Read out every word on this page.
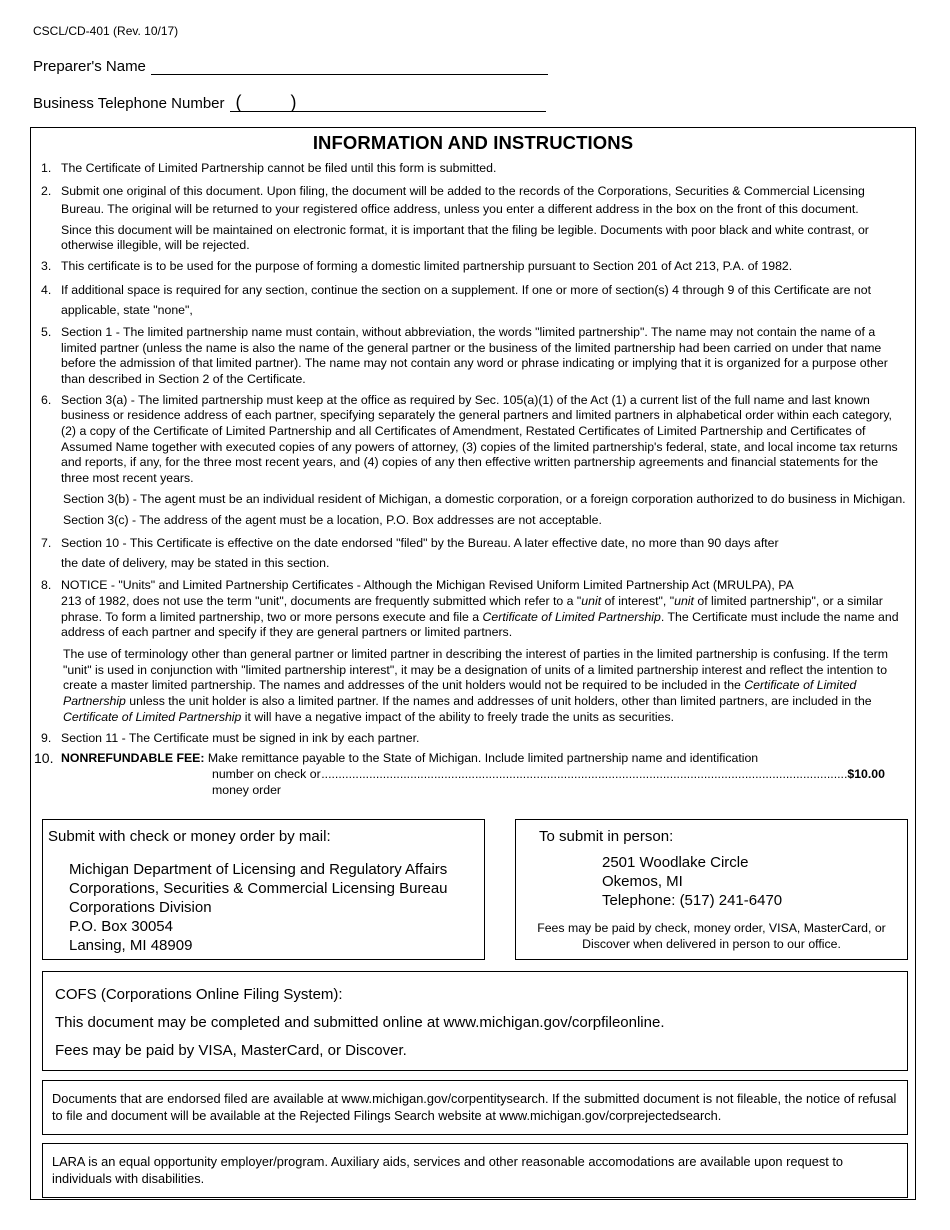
CSCL/CD-401 (Rev. 10/17)
Preparer's Name
Business Telephone Number (	)
INFORMATION AND INSTRUCTIONS
1. The Certificate of Limited Partnership cannot be filed until this form is submitted.
2. Submit one original of this document. Upon filing, the document will be added to the records of the Corporations, Securities & Commercial Licensing Bureau. The original will be returned to your registered office address, unless you enter a different address in the box on the front of this document.
Since this document will be maintained on electronic format, it is important that the filing be legible. Documents with poor black and white contrast, or otherwise illegible, will be rejected.
3. This certificate is to be used for the purpose of forming a domestic limited partnership pursuant to Section 201 of Act 213, P.A. of 1982.
4. If additional space is required for any section, continue the section on a supplement. If one or more of section(s) 4 through 9 of this Certificate are not
applicable, state "none",
5. Section 1 - The limited partnership name must contain, without abbreviation, the words "limited partnership". The name may not contain the name of a limited partner (unless the name is also the name of the general partner or the business of the limited partnership had been carried on under that name before the admission of that limited partner). The name may not contain any word or phrase indicating or implying that it is organized for a purpose other than described in Section 2 of the Certificate.
6. Section 3(a) - The limited partnership must keep at the office as required by Sec. 105(a)(1) of the Act (1) a current list of the full name and last known business or residence address of each partner, specifying separately the general partners and limited partners in alphabetical order within each category, (2) a copy of the Certificate of Limited Partnership and all Certificates of Amendment, Restated Certificates of Limited Partnership and Certificates of Assumed Name together with executed copies of any powers of attorney, (3) copies of the limited partnership's federal, state, and local income tax returns and reports, if any, for the three most recent years, and (4) copies of any then effective written partnership agreements and financial statements for the three most recent years.
Section 3(b) - The agent must be an individual resident of Michigan, a domestic corporation, or a foreign corporation authorized to do business in Michigan.
Section 3(c) - The address of the agent must be a location, P.O. Box addresses are not acceptable.
7. Section 10 - This Certificate is effective on the date endorsed "filed" by the Bureau. A later effective date, no more than 90 days after
the date of delivery, may be stated in this section.
8. NOTICE - "Units" and Limited Partnership Certificates - Although the Michigan Revised Uniform Limited Partnership Act (MRULPA), PA
213 of 1982, does not use the term "unit", documents are frequently submitted which refer to a "unit of interest", "unit of limited partnership", or a similar phrase. To form a limited partnership, two or more persons execute and file a Certificate of Limited Partnership. The Certificate must include the name and address of each partner and specify if they are general partners or limited partners.
The use of terminology other than general partner or limited partner in describing the interest of parties in the limited partnership is confusing. If the term "unit" is used in conjunction with "limited partnership interest", it may be a designation of units of a limited partnership interest and reflect the intention to create a master limited partnership. The names and addresses of the unit holders would not be required to be included in the Certificate of Limited Partnership unless the unit holder is also a limited partner. If the names and addresses of unit holders, other than limited partners, are included in the Certificate of Limited Partnership it will have a negative impact of the ability to freely trade the units as securities.
9. Section 11 - The Certificate must be signed in ink by each partner.
10. NONREFUNDABLE FEE: Make remittance payable to the State of Michigan. Include limited partnership name and identification
number on check or money order
.......................................................................................................................................................... $10.00
Submit with check or money order by mail:
Michigan Department of Licensing and Regulatory Affairs
Corporations, Securities & Commercial Licensing Bureau
Corporations Division
P.O. Box 30054
Lansing, MI 48909
To submit in person:
2501 Woodlake Circle
Okemos, MI
Telephone: (517) 241-6470
Fees may be paid by check, money order, VISA, MasterCard, or Discover when delivered in person to our office.

COFS (Corporations Online Filing System):

This document may be completed and submitted online at www.michigan.gov/corpfileonline.

Fees may be paid by VISA, MasterCard, or Discover.

Documents that are endorsed filed are available at www.michigan.gov/corpentitysearch. If the submitted document is not fileable, the notice of refusal to file and document will be available at the Rejected Filings Search website at www.michigan.gov/corprejectedsearch.

LARA is an equal opportunity employer/program. Auxiliary aids, services and other reasonable accomodations are available upon request to individuals with disabilities.
